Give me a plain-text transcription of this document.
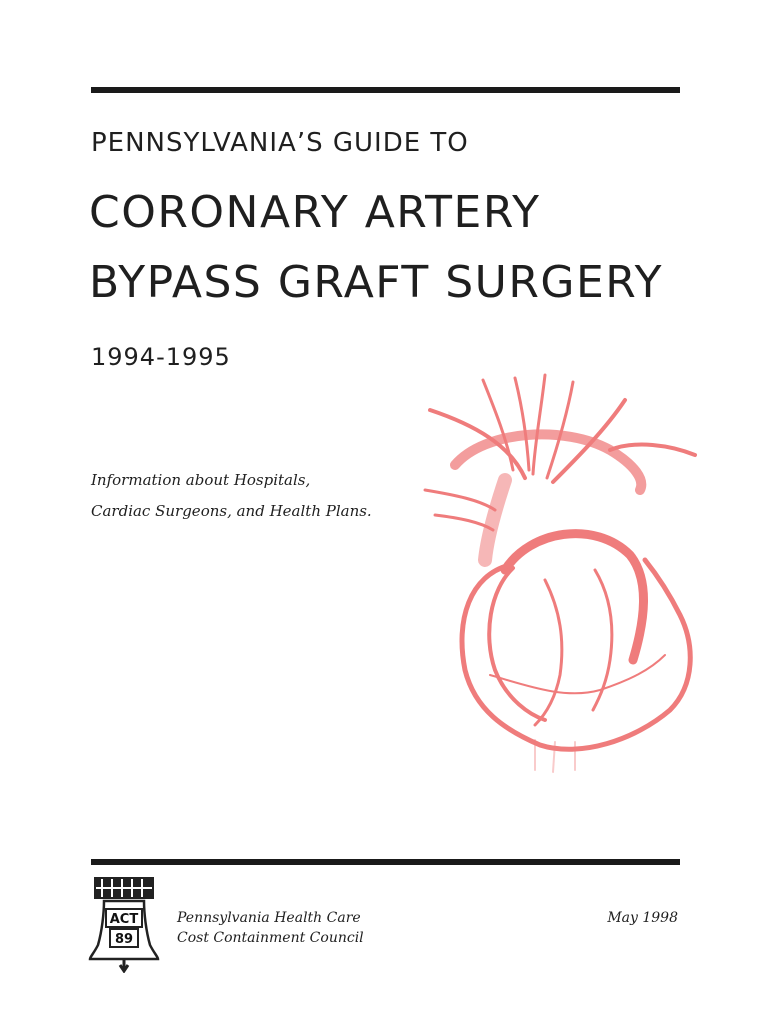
PENNSYLVANIA’S GUIDE TO
CORONARY ARTERY
BYPASS GRAFT SURGERY
1994-1995
Information about Hospitals,
Cardiac Surgeons, and Health Plans.
ACT
89
Pennsylvania Health Care
Cost Containment Council
May 1998
